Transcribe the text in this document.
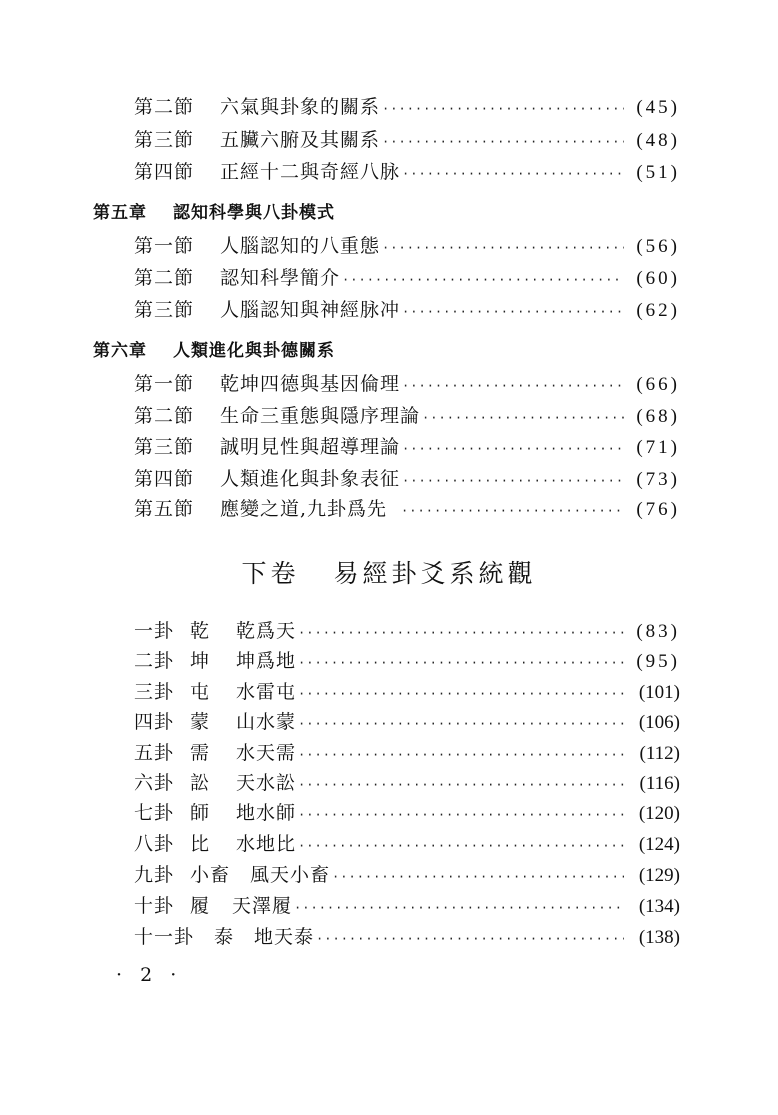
第二節	六氣與卦象的關系 ·····	(45)
第三節	五臟六腑及其關系 ·····	(48)
第四節	正經十二與奇經八脉 ·····	(51)
第五章 認知科學與八卦模式
第一節	人腦認知的八重態 ·····	(56)
第二節	認知科學簡介 ·····	(60)
第三節	人腦認知與神經脉冲 ·····	(62)
第六章 人類進化與卦德關系
第一節	乾坤四德與基因倫理 ·····	(66)
第二節	生命三重態與隱序理論 ·····	(68)
第三節	誠明見性與超導理論 ·····	(71)
第四節	人類進化與卦象表征 ·····	(73)
第五節	應變之道,九卦爲先 ·····	(76)
下卷 易經卦爻系統觀
一卦 乾	乾爲天 ·····	(83)
二卦 坤	坤爲地 ·····	(95)
三卦 屯	水雷屯 ·····	(101)
四卦 蒙	山水蒙 ·····	(106)
五卦 需	水天需 ·····	(112)
六卦 訟	天水訟 ·····	(116)
七卦 師	地水師 ·····	(120)
八卦 比	水地比 ·····	(124)
九卦 小畜	風天小畜 ·····	(129)
十卦 履	天澤履 ·····	(134)
十一卦	泰	地天泰 ·····	(138)
· 2 ·
